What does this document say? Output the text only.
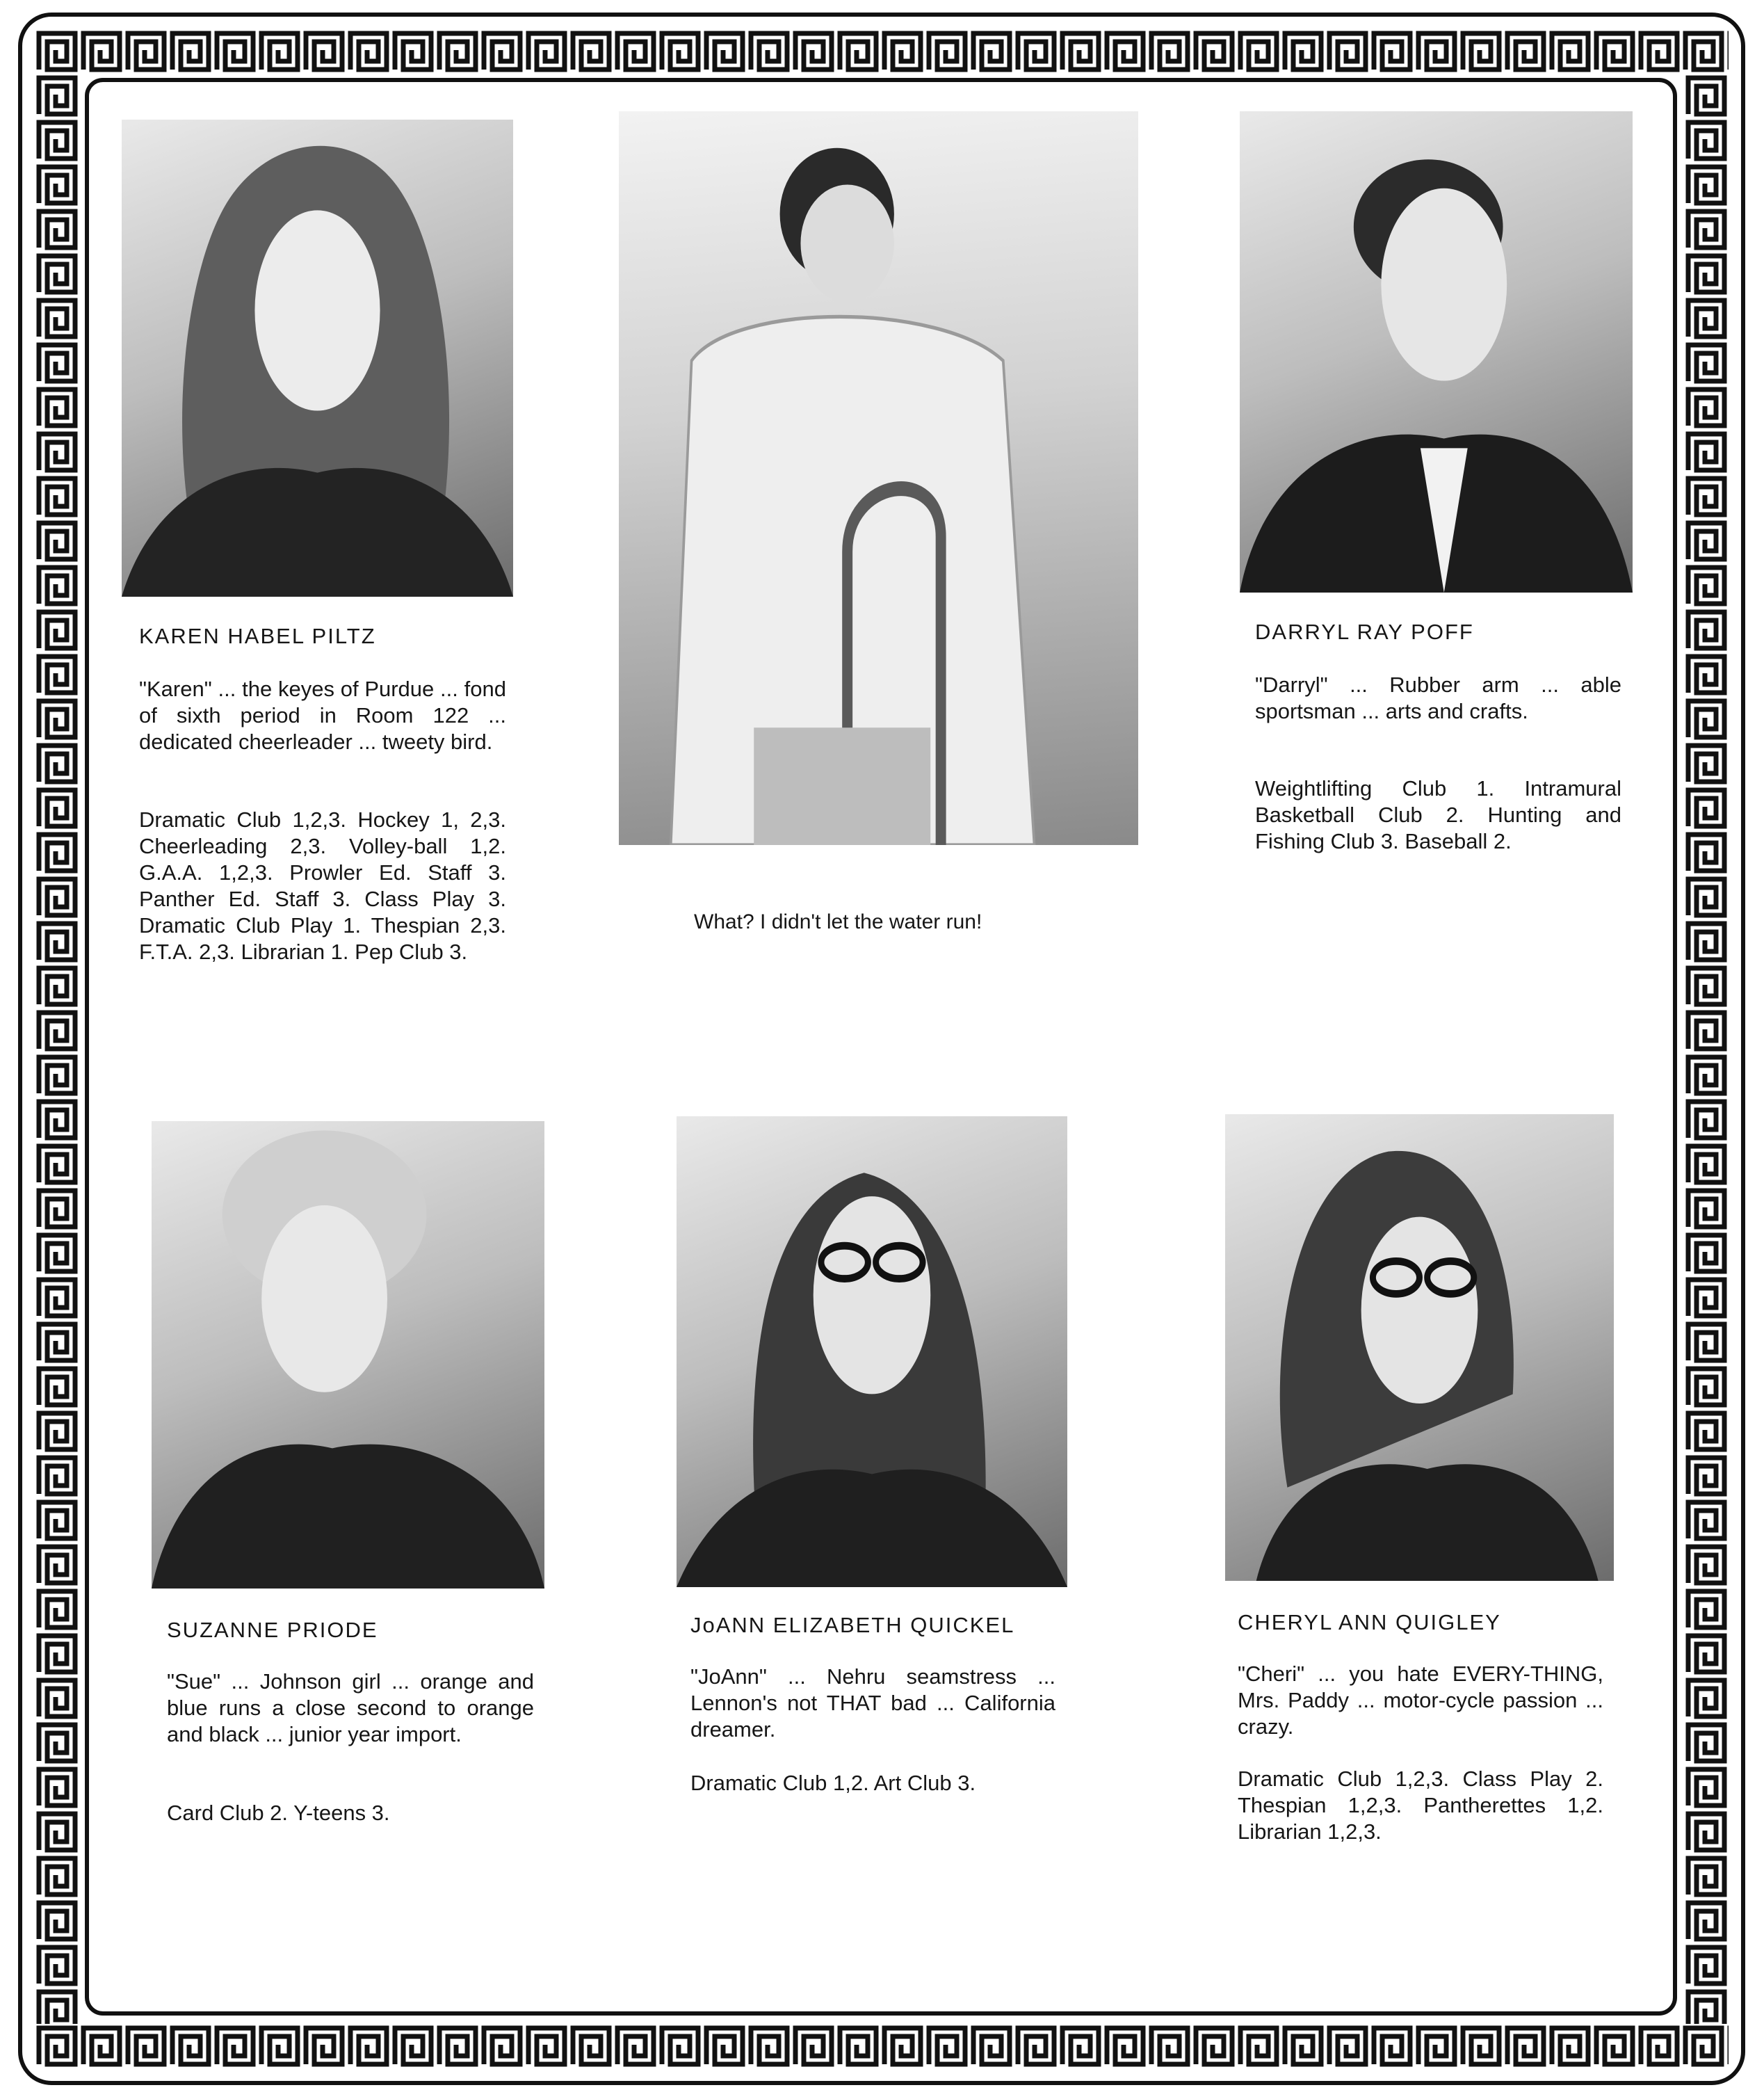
KAREN HABEL PILTZ

"Karen" ... the keyes of Purdue ... fond of sixth period in Room 122 ... dedicated cheerleader ... tweety bird.

Dramatic Club 1,2,3. Hockey 1, 2,3. Cheerleading 2,3. Volley-ball 1,2. G.A.A. 1,2,3. Prowler Ed. Staff 3. Panther Ed. Staff 3. Class Play 3. Dramatic Club Play 1. Thespian 2,3. F.T.A. 2,3. Librarian 1. Pep Club 3.

What? I didn't let the water run!

DARRYL RAY POFF

"Darryl" ... Rubber arm ... able sportsman ... arts and crafts.

Weightlifting Club 1. Intramural Basketball Club 2. Hunting and Fishing Club 3. Baseball 2.

SUZANNE PRIODE

"Sue" ... Johnson girl ... orange and blue runs a close second to orange and black ... junior year import.

Card Club 2. Y-teens 3.

JoANN ELIZABETH QUICKEL

"JoAnn" ... Nehru seamstress ... Lennon's not THAT bad ... California dreamer.

Dramatic Club 1,2. Art Club 3.

CHERYL ANN QUIGLEY

"Cheri" ... you hate EVERY-THING, Mrs. Paddy ... motor-cycle passion ... crazy.

Dramatic Club 1,2,3. Class Play 2. Thespian 1,2,3. Pantherettes 1,2. Librarian 1,2,3.
